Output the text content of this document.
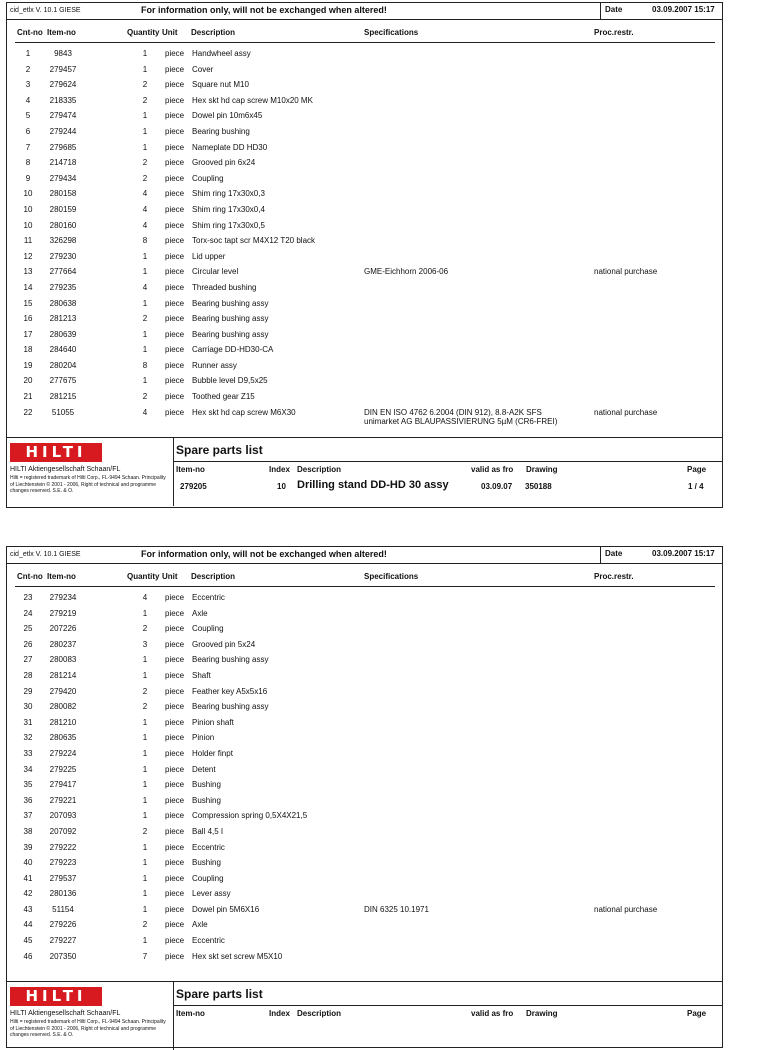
cid_etlx V. 10.1 GIESE	For information only, will not be exchanged when altered!	Date	03.09.2007 15:17
Cnt-no Item-no	Quantity Unit Description	Specifications	Proc.restr.
1	9843	1	piece Handwheel assy
2	279457	1	piece Cover
3	279624	2	piece Square nut M10
4	218335	2	piece Hex skt hd cap screw M10x20 MK
5	279474	1	piece Dowel pin 10m6x45
6	279244	1	piece Bearing bushing
7	279685	1	piece Nameplate DD HD30
8	214718	2	piece Grooved pin 6x24
9	279434	2	piece Coupling
10	280158	4	piece Shim ring 17x30x0,3
10	280159	4	piece Shim ring 17x30x0,4
10	280160	4	piece Shim ring 17x30x0,5
11	326298	8	piece Torx-soc tapt scr M4X12 T20 black
12	279230	1	piece Lid upper
13	277664	1	piece Circular level	GME-Eichhorn 2006-06	national purchase
14	279235	4	piece Threaded bushing
15	280638	1	piece Bearing bushing assy
16	281213	2	piece Bearing bushing assy
17	280639	1	piece Bearing bushing assy
18	284640	1	piece Carriage DD-HD30-CA
19	280204	8	piece Runner assy
20	277675	1	piece Bubble level D9,5x25
21	281215	2	piece Toothed gear Z15
22	51055	4	piece Hex skt hd cap screw M6X30	DIN EN ISO 4762 6.2004 (DIN 912), 8.8-A2K SFS	national purchase
unimarket AG BLAUPASSIVIERUNG 5µM (CR6-FREI)
HILTI
HILTI Aktiengesellschaft Schaan/FL
Hilti = registered trademark of Hilti Corp., FL-9494 Schaan. Principality of Liechtenstein © 2001 - 2006, Right of technical and programme changes reserved. S.E. & O.
Spare parts list
Item-no	Index Description	valid as fro Drawing	Page
279205	10 Drilling stand DD-HD 30 assy	03.09.07 350188	1 / 4
cid_etlx V. 10.1 GIESE	For information only, will not be exchanged when altered!	Date	03.09.2007 15:17
Cnt-no Item-no	Quantity Unit Description	Specifications	Proc.restr.
23	279234	4	piece Eccentric
24	279219	1	piece Axle
25	207226	2	piece Coupling
26	280237	3	piece Grooved pin 5x24
27	280083	1	piece Bearing bushing assy
28	281214	1	piece Shaft
29	279420	2	piece Feather key A5x5x16
30	280082	2	piece Bearing bushing assy
31	281210	1	piece Pinion shaft
32	280635	1	piece Pinion
33	279224	1	piece Holder finpt
34	279225	1	piece Detent
35	279417	1	piece Bushing
36	279221	1	piece Bushing
37	207093	1	piece Compression spring 0,5X4X21,5
38	207092	2	piece Ball 4,5 I
39	279222	1	piece Eccentric
40	279223	1	piece Bushing
41	279537	1	piece Coupling
42	280136	1	piece Lever assy
43	51154	1	piece Dowel pin 5M6X16	DIN 6325 10.1971	national purchase
44	279226	2	piece Axle
45	279227	1	piece Eccentric
46	207350	7	piece Hex skt set screw M5X10
HILTI
HILTI Aktiengesellschaft Schaan/FL
Hilti = registered trademark of Hilti Corp., FL-9494 Schaan. Principality of Liechtenstein © 2001 - 2006, Right of technical and programme changes reserved. S.E. & O.
Spare parts list
Item-no	Index Description	valid as fro Drawing	Page
